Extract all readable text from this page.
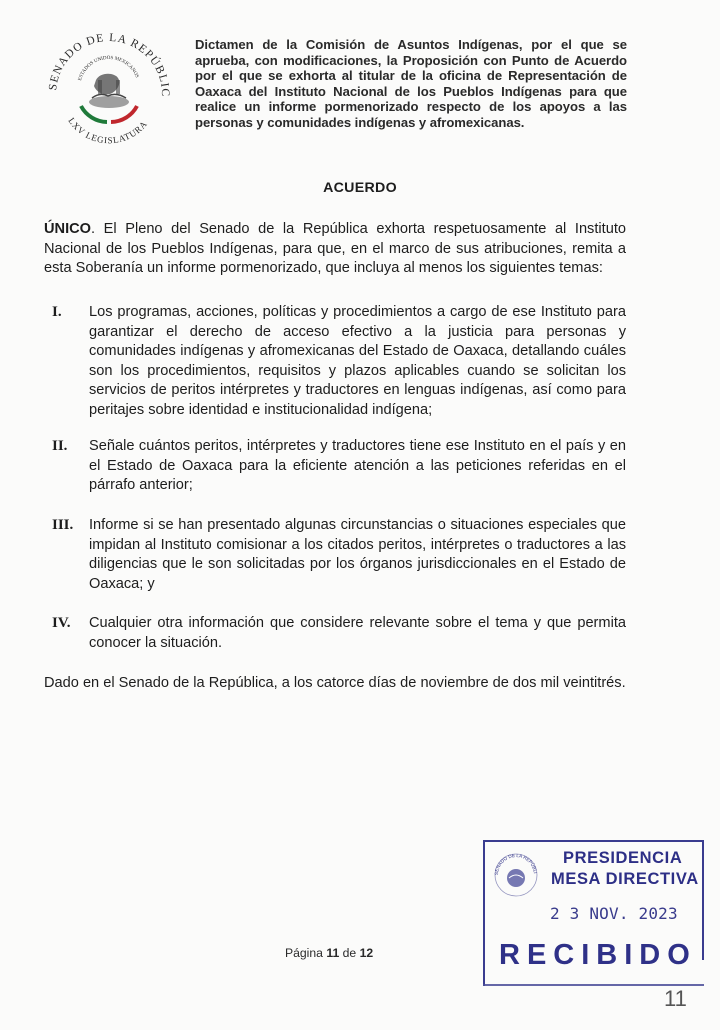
SENADO DE LA REPÚBLIC
LXV LEGISLATURA
ESTADOS UNIDOS MEXICANOS
Dictamen de la Comisión de Asuntos Indígenas, por el que se aprueba, con modificaciones, la Proposición con Punto de Acuerdo por el que se exhorta al titular de la oficina de Representación de Oaxaca del Instituto Nacional de los Pueblos Indígenas para que realice un informe pormenorizado respecto de los apoyos a las personas y comunidades indígenas y afromexicanas.
ACUERDO
ÚNICO. El Pleno del Senado de la República exhorta respetuosamente al Instituto Nacional de los Pueblos Indígenas, para que, en el marco de sus atribuciones, remita a esta Soberanía un informe pormenorizado, que incluya al menos los siguientes temas:
I.	Los programas, acciones, políticas y procedimientos a cargo de ese Instituto para garantizar el derecho de acceso efectivo a la justicia para personas y comunidades indígenas y afromexicanas del Estado de Oaxaca, detallando cuáles son los procedimientos, requisitos y plazos aplicables cuando se solicitan los servicios de peritos intérpretes y traductores en lenguas indígenas, así como para peritajes sobre identidad e institucionalidad indígena;
II.	Señale cuántos peritos, intérpretes y traductores tiene ese Instituto en el país y en el Estado de Oaxaca para la eficiente atención a las peticiones referidas en el párrafo anterior;
III.	Informe si se han presentado algunas circunstancias o situaciones especiales que impidan al Instituto comisionar a los citados peritos, intérpretes o traductores a las diligencias que le son solicitadas por los órganos jurisdiccionales en el Estado de Oaxaca; y
IV.	Cualquier otra información que considere relevante sobre el tema y que permita conocer la situación.
Dado en el Senado de la República, a los catorce días de noviembre de dos mil veintitrés.
Página 11 de 12
SENADO DE LA REPÚBLI
PRESIDENCIA
MESA DIRECTIVA
2 3 NOV. 2023
RECIBIDO
11
